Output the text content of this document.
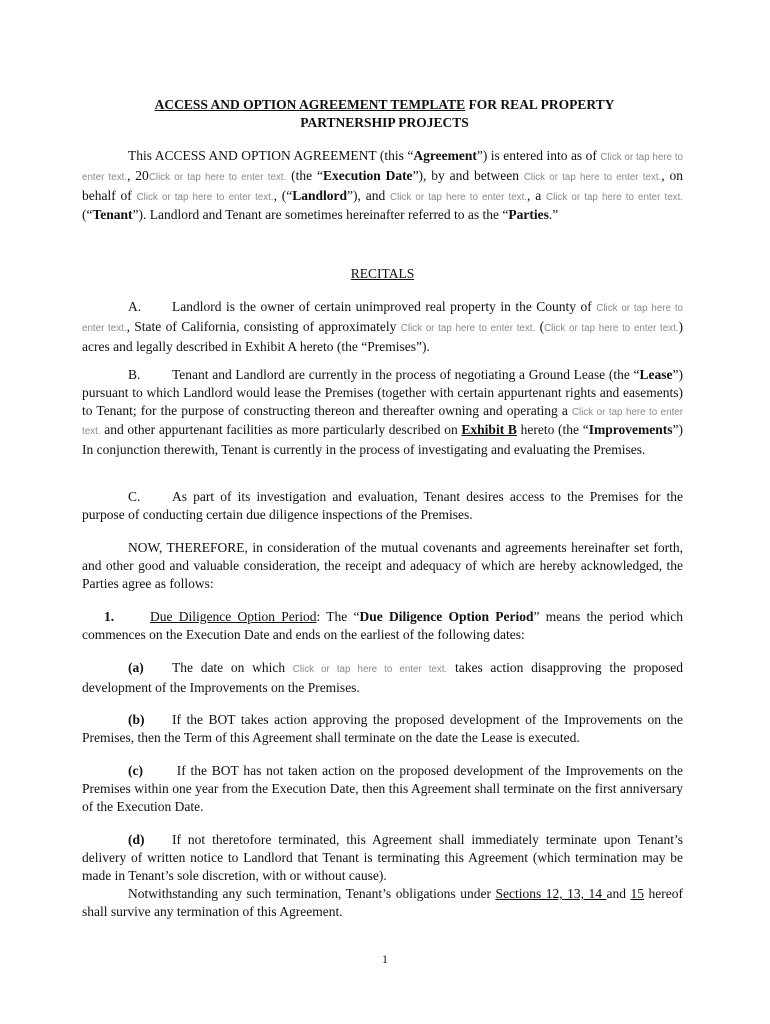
ACCESS AND OPTION AGREEMENT TEMPLATE FOR REAL PROPERTY
PARTNERSHIP PROJECTS

This ACCESS AND OPTION AGREEMENT (this “Agreement”) is entered into as of Click or tap here to enter text., 20Click or tap here to enter text. (the “Execution Date”), by and between Click or tap here to enter text., on behalf of Click or tap here to enter text., (“Landlord”), and Click or tap here to enter text., a Click or tap here to enter text. (“Tenant”). Landlord and Tenant are sometimes hereinafter referred to as the “Parties.”

RECITALS

A. Landlord is the owner of certain unimproved real property in the County of Click or tap here to enter text., State of California, consisting of approximately Click or tap here to enter text. (Click or tap here to enter text.) acres and legally described in Exhibit A hereto (the “Premises”).

B. Tenant and Landlord are currently in the process of negotiating a Ground Lease (the “Lease”) pursuant to which Landlord would lease the Premises (together with certain appurtenant rights and easements) to Tenant; for the purpose of constructing thereon and thereafter owning and operating a Click or tap here to enter text. and other appurtenant facilities as more particularly described on Exhibit B hereto (the “Improvements”) In conjunction therewith, Tenant is currently in the process of investigating and evaluating the Premises.

C. As part of its investigation and evaluation, Tenant desires access to the Premises for the purpose of conducting certain due diligence inspections of the Premises.

NOW, THEREFORE, in consideration of the mutual covenants and agreements hereinafter set forth, and other good and valuable consideration, the receipt and adequacy of which are hereby acknowledged, the Parties agree as follows:

1.	Due Diligence Option Period: The “Due Diligence Option Period” means the period which commences on the Execution Date and ends on the earliest of the following dates:

(a) The date on which Click or tap here to enter text. takes action disapproving the proposed development of the Improvements on the Premises.

(b) If the BOT takes action approving the proposed development of the Improvements on the Premises, then the Term of this Agreement shall terminate on the date the Lease is executed.

(c) If the BOT has not taken action on the proposed development of the Improvements on the Premises within one year from the Execution Date, then this Agreement shall terminate on the first anniversary of the Execution Date.

(d) If not theretofore terminated, this Agreement shall immediately terminate upon Tenant’s delivery of written notice to Landlord that Tenant is terminating this Agreement (which termination may be made in Tenant’s sole discretion, with or without cause).

Notwithstanding any such termination, Tenant’s obligations under Sections 12, 13, 14 and 15 hereof shall survive any termination of this Agreement.

1
